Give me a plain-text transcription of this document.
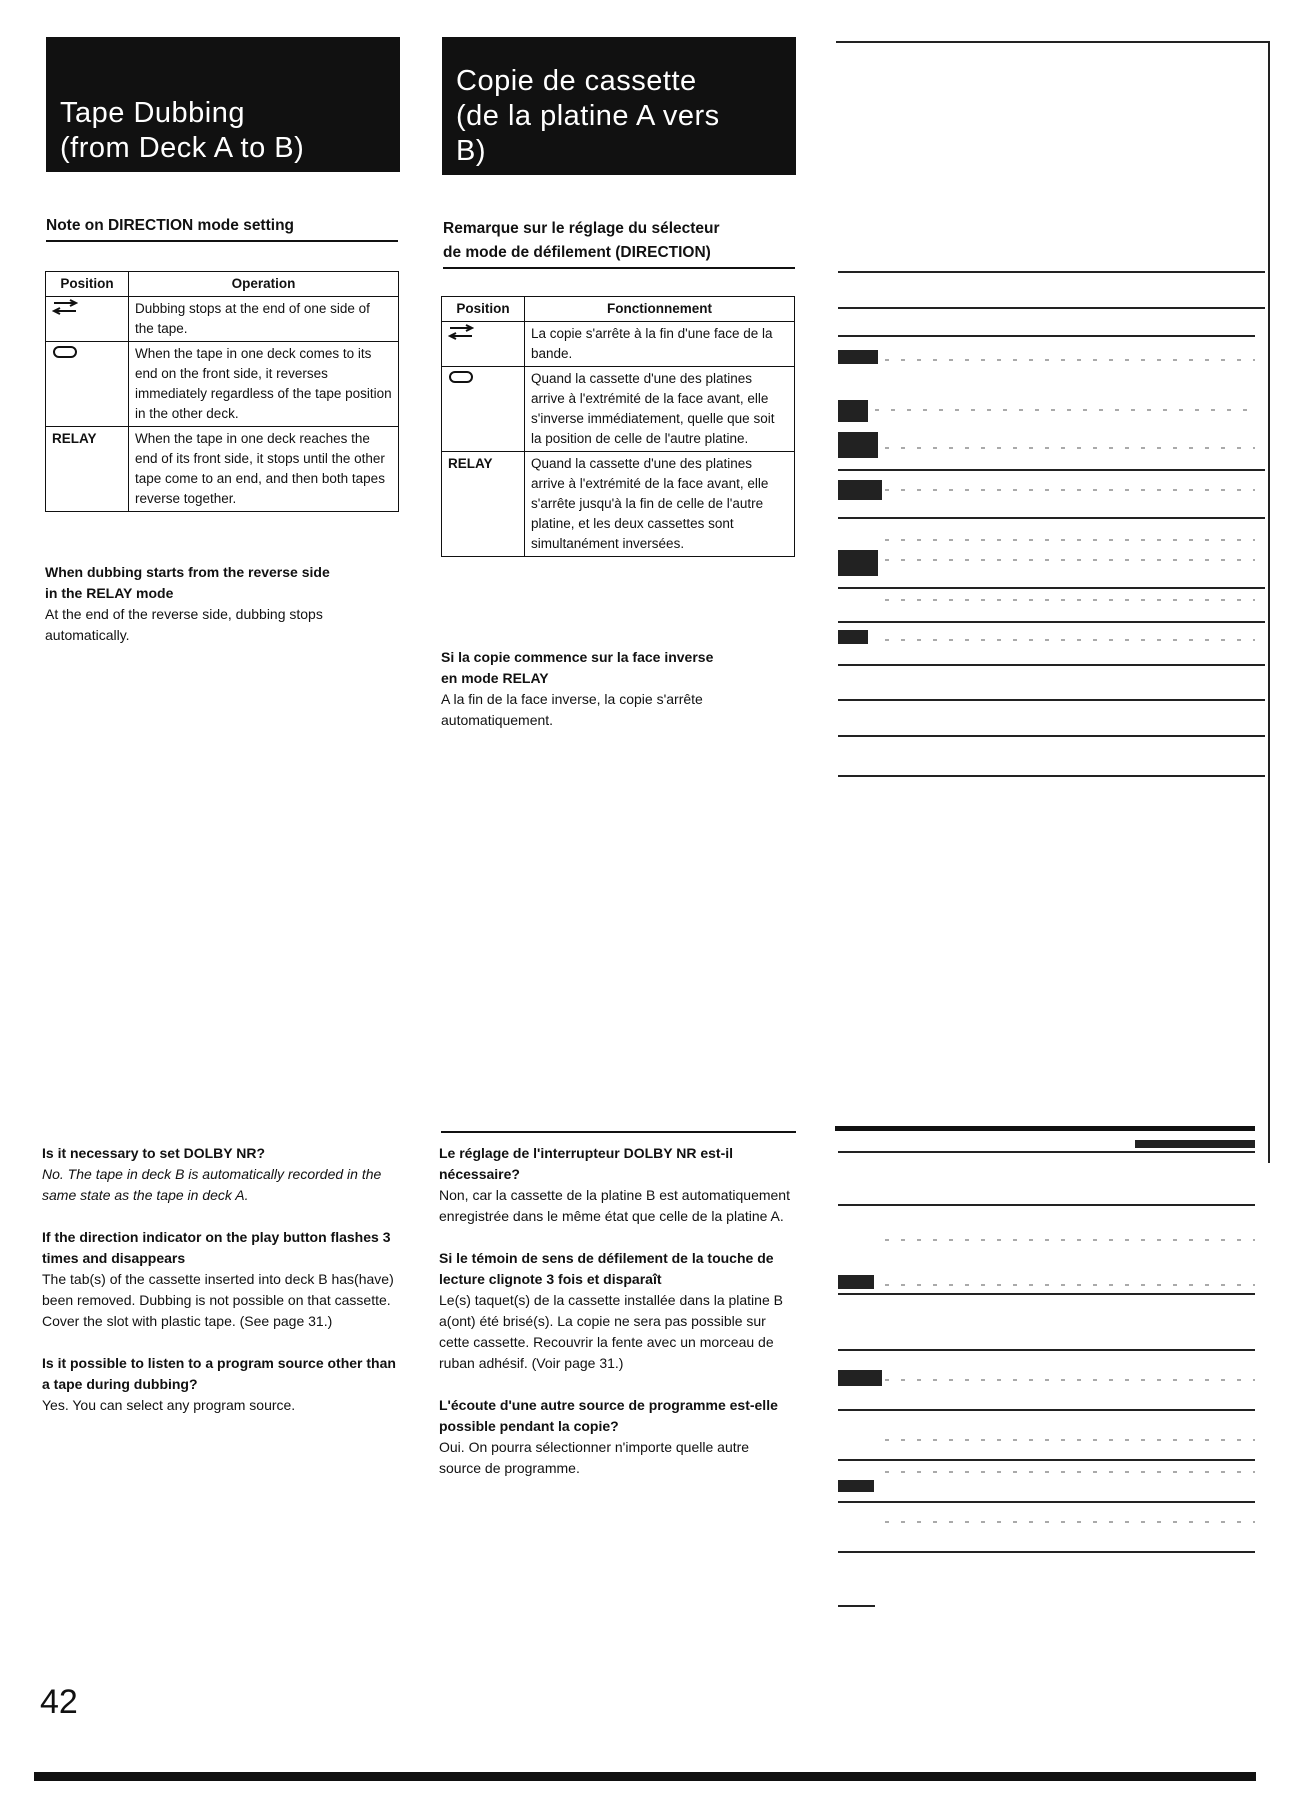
Tape Dubbing
(from Deck A to B)
Copie de cassette
(de la platine A vers
B)
Note on DIRECTION mode setting
Position	Operation
	Dubbing stops at the end of one side of the tape.
	When the tape in one deck comes to its end on the front side, it reverses immediately regardless of the tape position in the other deck.
RELAY	When the tape in one deck reaches the end of its front side, it stops until the other tape come to an end, and then both tapes reverse together.
When dubbing starts from the reverse side
in the RELAY mode
At the end of the reverse side, dubbing stops automatically.
Remarque sur le réglage du sélecteur
de mode de défilement (DIRECTION)
Position	Fonctionnement
	La copie s'arrête à la fin d'une face de la bande.
	Quand la cassette d'une des platines arrive à l'extrémité de la face avant, elle s'inverse immédiatement, quelle que soit la position de celle de l'autre platine.
RELAY	Quand la cassette d'une des platines arrive à l'extrémité de la face avant, elle s'arrête jusqu'à la fin de celle de l'autre platine, et les deux cassettes sont simultanément inversées.
Si la copie commence sur la face inverse
en mode RELAY
A la fin de la face inverse, la copie s'arrête automatiquement.
Is it necessary to set DOLBY NR?
No. The tape in deck B is automatically recorded in the same state as the tape in deck A.
If the direction indicator on the play button flashes 3 times and disappears
The tab(s) of the cassette inserted into deck B has(have) been removed. Dubbing is not possible on that cassette. Cover the slot with plastic tape. (See page 31.)
Is it possible to listen to a program source other than a tape during dubbing?
Yes. You can select any program source.
Le réglage de l'interrupteur DOLBY NR est-il nécessaire?
Non, car la cassette de la platine B est automatiquement enregistrée dans le même état que celle de la platine A.
Si le témoin de sens de défilement de la touche de lecture clignote 3 fois et disparaît
Le(s) taquet(s) de la cassette installée dans la platine B a(ont) été brisé(s). La copie ne sera pas possible sur cette cassette. Recouvrir la fente avec un morceau de ruban adhésif. (Voir page 31.)
L'écoute d'une autre source de programme est-elle possible pendant la copie?
Oui. On pourra sélectionner n'importe quelle autre source de programme.
42
